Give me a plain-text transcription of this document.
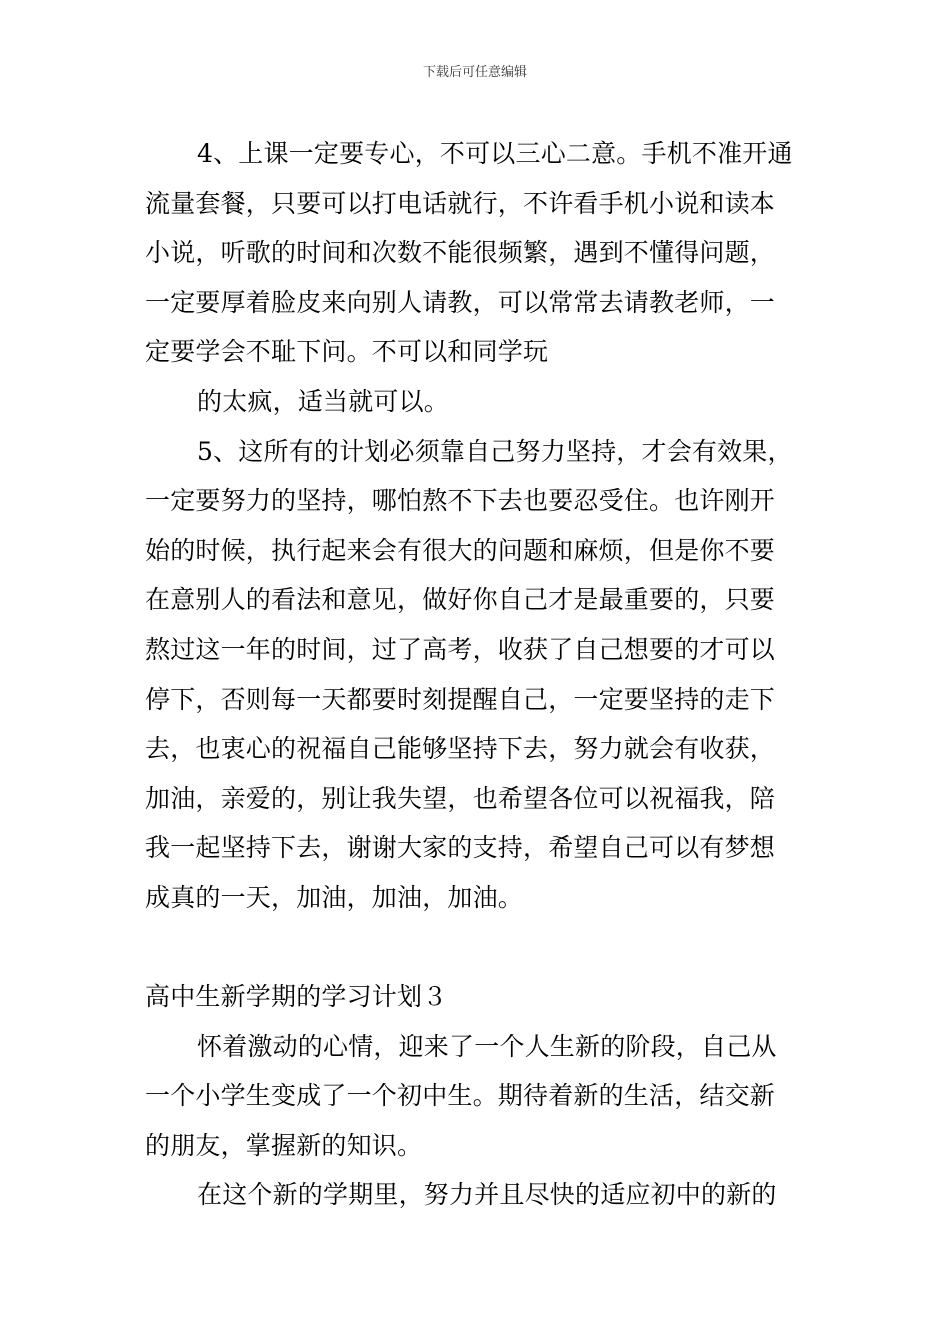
下载后可任意编辑
4、上课一定要专心，不可以三心二意。手机不准开通
流量套餐，只要可以打电话就行，不许看手机小说和读本
小说，听歌的时间和次数不能很频繁，遇到不懂得问题，
一定要厚着脸皮来向别人请教，可以常常去请教老师，一
定要学会不耻下问。不可以和同学玩
的太疯，适当就可以。
5、这所有的计划必须靠自己努力坚持，才会有效果，
一定要努力的坚持，哪怕熬不下去也要忍受住。也许刚开
始的时候，执行起来会有很大的问题和麻烦，但是你不要
在意别人的看法和意见，做好你自己才是最重要的，只要
熬过这一年的时间，过了高考，收获了自己想要的才可以
停下，否则每一天都要时刻提醒自己，一定要坚持的走下
去，也衷心的祝福自己能够坚持下去，努力就会有收获，
加油，亲爱的，别让我失望，也希望各位可以祝福我，陪
我一起坚持下去，谢谢大家的支持，希望自己可以有梦想
成真的一天，加油，加油，加油。
高中生新学期的学习计划３
怀着激动的心情，迎来了一个人生新的阶段，自己从
一个小学生变成了一个初中生。期待着新的生活，结交新
的朋友，掌握新的知识。
在这个新的学期里，努力并且尽快的适应初中的新的
